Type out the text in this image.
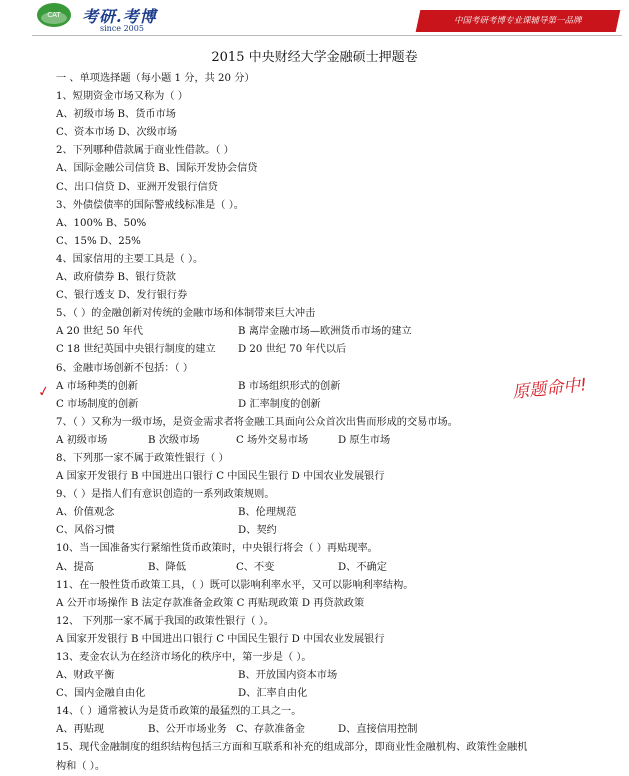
CAT 考研.考博
since 2005
中国考研考博专业课辅导第一品牌
2015 中央财经大学金融硕士押题卷
一 、单项选择题（每小题 1 分，共 20 分）
1、短期资金市场又称为（ ）
A、初级市场 B、货币市场
C、资本市场 D、次级市场
2、下列哪种借款属于商业性借款。（ ）
A、国际金融公司信贷 B、国际开发协会信贷
C、出口信贷 D、亚洲开发银行信贷
3、外债偿债率的国际警戒线标准是（ ）。
A、100% B、50%
C、15% D、25%
4、国家信用的主要工具是（ ）。
A、政府债券 B、银行贷款
C、银行透支 D、发行银行券
5、（ ）的金融创新对传统的金融市场和体制带来巨大冲击
A 20 世纪 50 年代	B 离岸金融市场—欧洲货币市场的建立
C 18 世纪英国中央银行制度的建立 D 20 世纪 70 年代以后
6、金融市场创新不包括：（ ）
A 市场种类的创新	B 市场组织形式的创新
C 市场制度的创新	D 汇率制度的创新
7、（ ）又称为一级市场，是资金需求者将金融工具面向公众首次出售而形成的交易市场。
A 初级市场	B 次级市场	C 场外交易市场	D 原生市场
8、下列那一家不属于政策性银行（ ）
A 国家开发银行 B 中国进出口银行 C 中国民生银行 D 中国农业发展银行
9、（ ）是指人们有意识创造的一系列政策规则。
A、价值观念	B、伦理规范
C、风俗习惯	D、契约
10、当一国准备实行紧缩性货币政策时，中央银行将会（ ）再贴现率。
A、提高	B、降低	C、不变	D、不确定
11、在一般性货币政策工具，（ ）既可以影响利率水平，又可以影响利率结构。
A 公开市场操作 B 法定存款准备金政策 C 再贴现政策 D 再贷款政策
12、 下列那一家不属于我国的政策性银行（ ）。
A 国家开发银行 B 中国进出口银行 C 中国民生银行 D 中国农业发展银行
13、麦金农认为在经济市场化的秩序中，第一步是（ ）。
A、财政平衡	B、开放国内资本市场
C、国内金融自由化	D、汇率自由化
14、（ ）通常被认为是货币政策的最猛烈的工具之一。
A、再贴现	B、公开市场业务 C、存款准备金	D、直接信用控制
15、现代金融制度的组织结构包括三方面和互联系和补充的组成部分，即商业性金融机构、政策性金融机
构和（ ）。
✓	原题命中!
